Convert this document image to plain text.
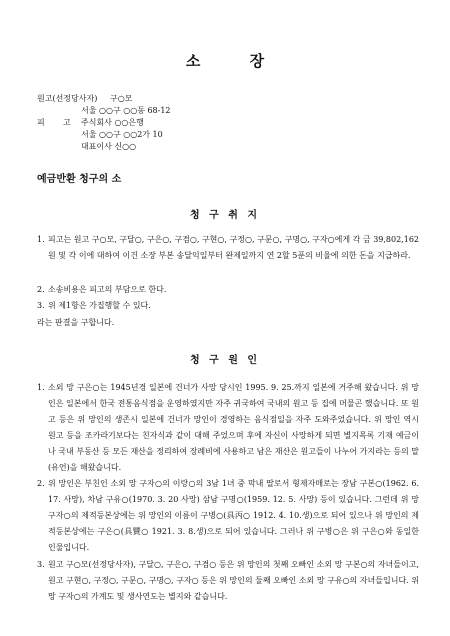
소 장
원고(선정당사자) 구○모
서울 ○○구 ○○동 68-12
피 고 주식회사 ○○은행
서울 ○○구 ○○2가 10
대표이사 신○○
예금반환 청구의 소
청 구 취 지
1. 피고는 원고 구○모, 구달○, 구은○, 구겸○, 구현○, 구정○, 구문○, 구명○, 구자○에게 각 금 39,802,162원 및 각 이에 대하여 이건 소장 부본 송달익일부터 완제일까지 연 2할 5푼의 비율에 의한 돈을 지급하라.
2. 소송비용은 피고의 부담으로 한다.
3. 위 제1항은 가집행할 수 있다.
라는 판결을 구합니다.
청 구 원 인
1. 소외 망 구은○는 1945년경 일본에 건너가 사망 당시인 1995. 9. 25.까지 일본에 거주해 왔습니다. 위 망인은 일본에서 한국 전통음식점을 운영하였지만 자주 귀국하여 국내의 원고 등 집에 머물곤 했습니다. 또 원고 등은 위 망인의 생존시 일본에 건너가 망인이 경영하는 음식점일을 자주 도와주었습니다. 위 망인 역시 원고 등을 조카라기보다는 친자식과 같이 대해 주었으며 후에 자신이 사망하게 되면 별지목록 기재 예금이나 국내 부동산 등 모든 재산을 정리하여 장례비에 사용하고 남은 재산은 원고들이 나누어 가지라는 등의 말(유언)을 해왔습니다.
2. 위 망인은 부친인 소외 망 구자○의 이랑○의 3남 1녀 중 막내 딸로서 형제자매로는 장남 구본○(1962. 6. 17. 사망), 차남 구유○(1970. 3. 20 사망) 삼남 구명○(1959. 12. 5. 사망) 등이 있습니다. 그런데 위 망 구자○의 제적등본상에는 위 망인의 이름이 구병○(具丙○ 1912. 4. 10.생)으로 되어 있으나 위 망인의 제적등본상에는 구은○(具贒○ 1921. 3. 8.생)으로 되어 있습니다. 그러나 위 구병○은 위 구은○와 동일한 인물입니다.
3. 원고 구○모(선정당사자), 구달○, 구은○, 구겸○ 등은 위 망인의 첫째 오빠인 소외 망 구본○의 자녀들이고, 원고 구현○, 구정○, 구문○, 구명○, 구자○ 등은 위 망인의 둘째 오빠인 소외 망 구유○의 자녀들입니다. 위 망 구자○의 가계도 및 생사연도는 별지와 같습니다.
